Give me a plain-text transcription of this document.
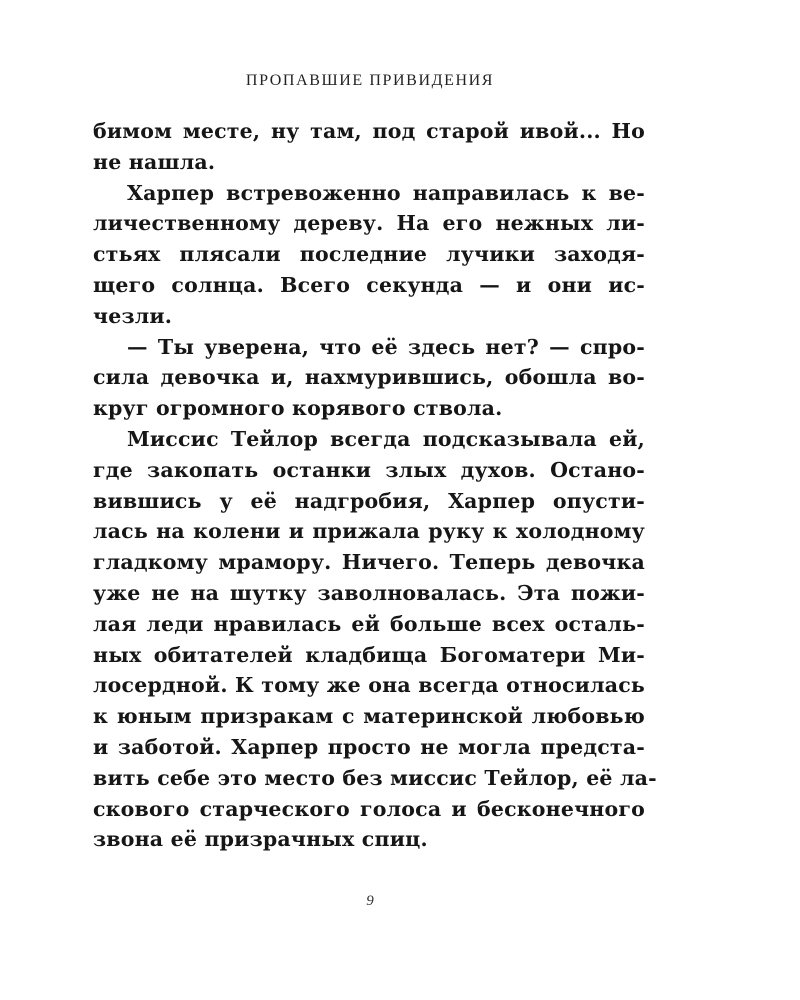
ПРОПАВШИЕ ПРИВИДЕНИЯ
бимом месте, ну там, под старой ивой... Но
не нашла.
Харпер встревоженно направилась к ве-
личественному дереву. На его нежных ли-
стьях плясали последние лучики заходя-
щего солнца. Всего секунда — и они ис-
чезли.
— Ты уверена, что её здесь нет? — спро-
сила девочка и, нахмурившись, обошла во-
круг огромного корявого ствола.
Миссис Тейлор всегда подсказывала ей,
где закопать останки злых духов. Остано-
вившись у её надгробия, Харпер опусти-
лась на колени и прижала руку к холодному
гладкому мрамору. Ничего. Теперь девочка
уже не на шутку заволновалась. Эта пожи-
лая леди нравилась ей больше всех осталь-
ных обитателей кладбища Богоматери Ми-
лосердной. К тому же она всегда относилась
к юным призракам с материнской любовью
и заботой. Харпер просто не могла предста-
вить себе это место без миссис Тейлор, её ла-
скового старческого голоса и бесконечного
звона её призрачных спиц.
9
